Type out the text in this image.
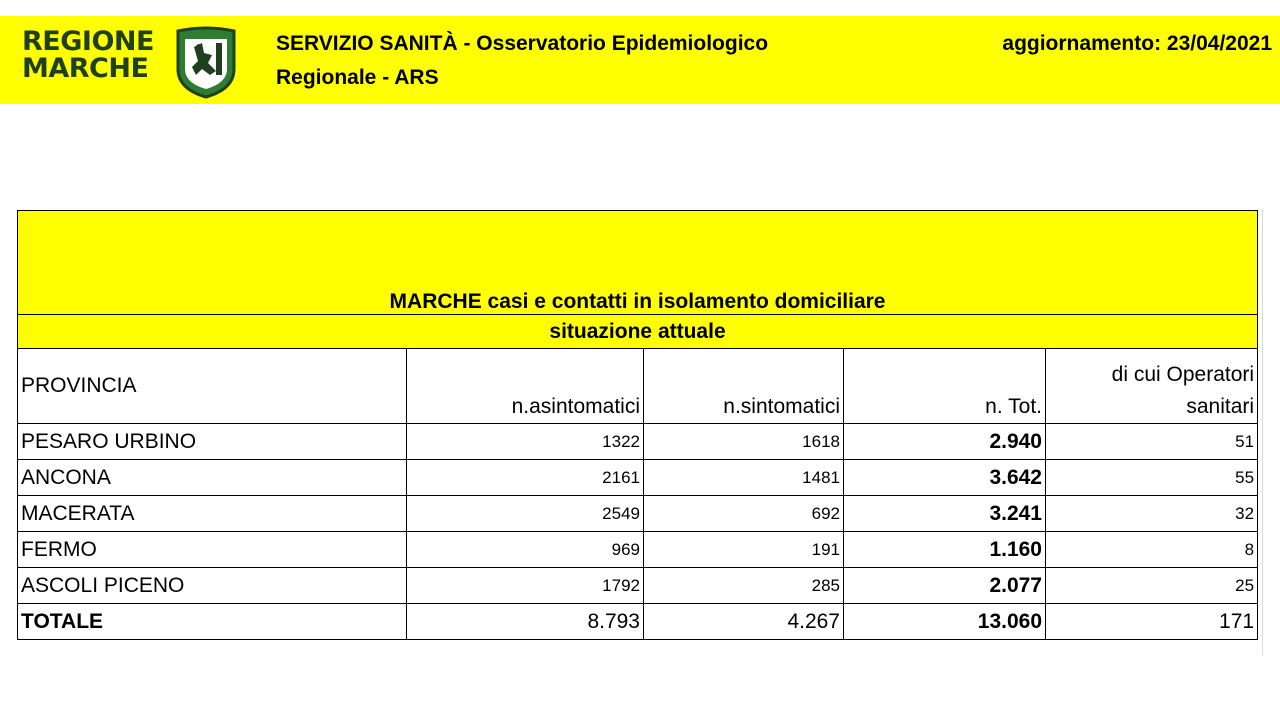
REGIONE
MARCHE
SERVIZIO SANITÀ - Osservatorio Epidemiologico
Regionale - ARS
aggiornamento: 23/04/2021
MARCHE casi e contatti in isolamento domiciliare				
situazione attuale				
PROVINCIA	n.asintomatici	n.sintomatici	n. Tot.	di cui Operatori
sanitari

PESARO URBINO	1322	1618	2.940	51
ANCONA	2161	1481	3.642	55
MACERATA	2549	692	3.241	32
FERMO	969	191	1.160	8
ASCOLI PICENO	1792	285	2.077	25
TOTALE	8.793	4.267	13.060	171
